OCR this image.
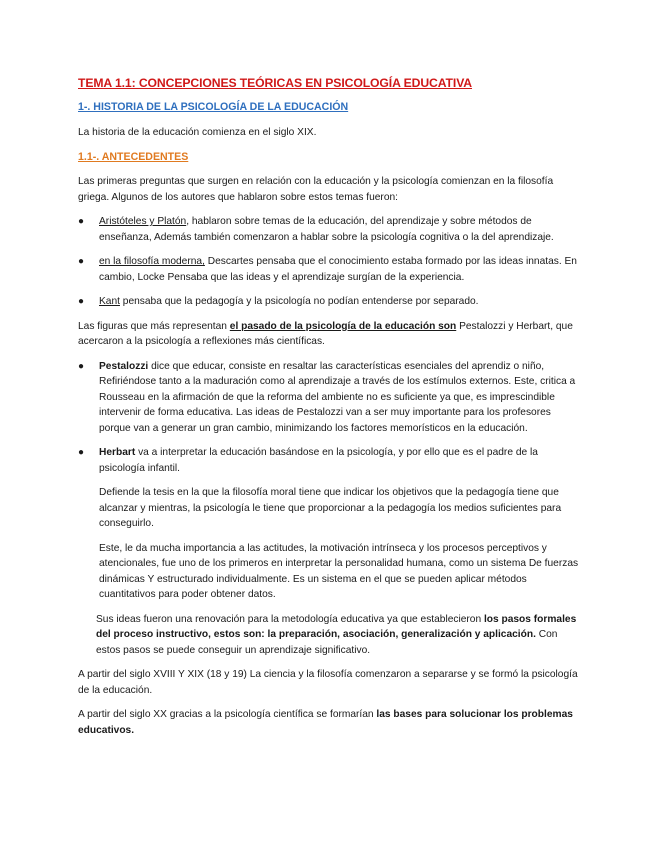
TEMA 1.1: CONCEPCIONES TEÓRICAS EN PSICOLOGÍA EDUCATIVA
1-. HISTORIA DE LA PSICOLOGÍA DE LA EDUCACIÓN

La historia de la educación comienza en el siglo XIX.

1.1-. ANTECEDENTES

Las primeras preguntas que surgen en relación con la educación y la psicología comienzan en la filosofía griega. Algunos de los autores que hablaron sobre estos temas fueron:

● Aristóteles y Platón, hablaron sobre temas de la educación, del aprendizaje y sobre métodos de enseñanza, Además también comenzaron a hablar sobre la psicología cognitiva o la del aprendizaje.
● en la filosofía moderna, Descartes pensaba que el conocimiento estaba formado por las ideas innatas. En cambio, Locke Pensaba que las ideas y el aprendizaje surgían de la experiencia.
● Kant pensaba que la pedagogía y la psicología no podían entenderse por separado.

Las figuras que más representan el pasado de la psicología de la educación son Pestalozzi y Herbart, que acercaron a la psicología a reflexiones más científicas.

● Pestalozzi dice que educar, consiste en resaltar las características esenciales del aprendiz o niño, Refiriéndose tanto a la maduración como al aprendizaje a través de los estímulos externos. Este, critica a Rousseau en la afirmación de que la reforma del ambiente no es suficiente ya que, es imprescindible intervenir de forma educativa. Las ideas de Pestalozzi van a ser muy importante para los profesores porque van a generar un gran cambio, minimizando los factores memorísticos en la educación.
● Herbart va a interpretar la educación basándose en la psicología, y por ello que es el padre de la psicología infantil.

Defiende la tesis en la que la filosofía moral tiene que indicar los objetivos que la pedagogía tiene que alcanzar y mientras, la psicología le tiene que proporcionar a la pedagogía los medios suficientes para conseguirlo.

Este, le da mucha importancia a las actitudes, la motivación intrínseca y los procesos perceptivos y atencionales, fue uno de los primeros en interpretar la personalidad humana, como un sistema De fuerzas dinámicas Y estructurado individualmente. Es un sistema en el que se pueden aplicar métodos cuantitativos para poder obtener datos.

Sus ideas fueron una renovación para la metodología educativa ya que establecieron los pasos formales del proceso instructivo, estos son: la preparación, asociación, generalización y aplicación. Con estos pasos se puede conseguir un aprendizaje significativo.

A partir del siglo XVIII Y XIX (18 y 19) La ciencia y la filosofía comenzaron a separarse y se formó la psicología de la educación.

A partir del siglo XX gracias a la psicología científica se formarían las bases para solucionar los problemas educativos.
